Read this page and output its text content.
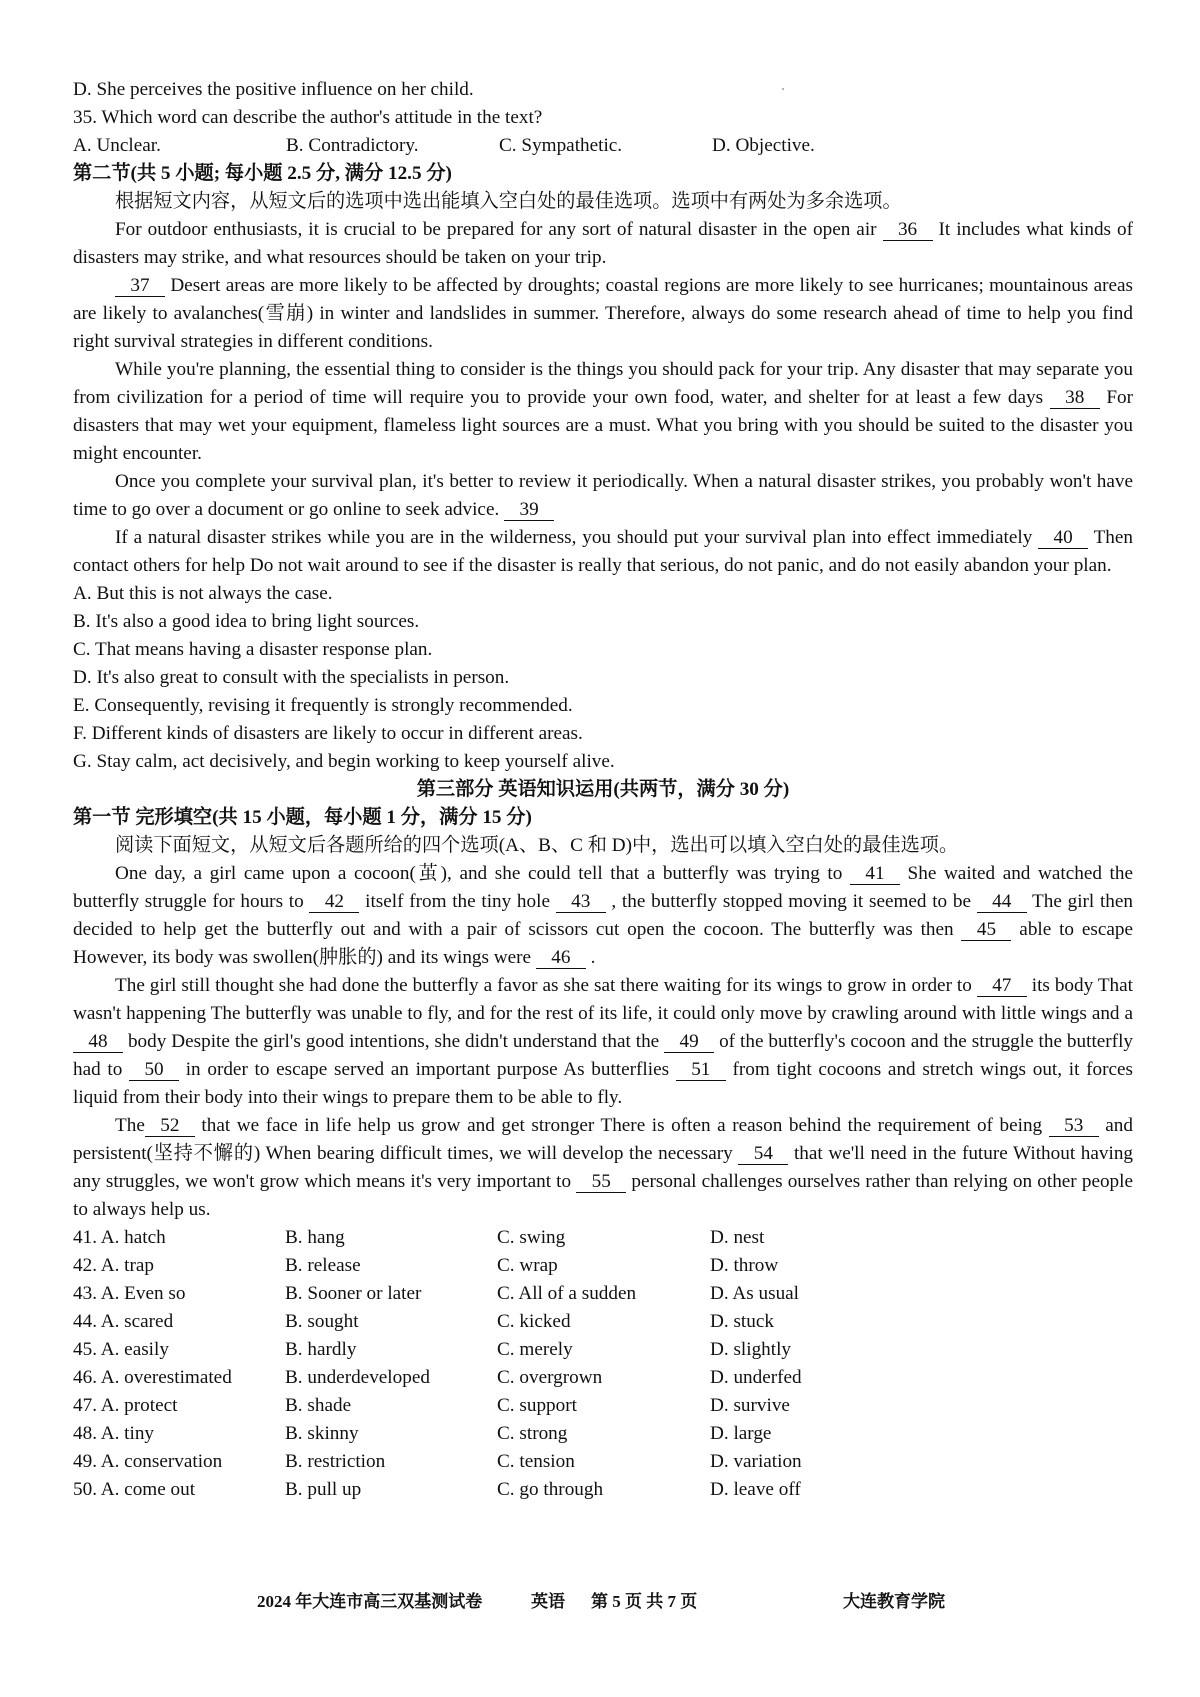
D. She perceives the positive influence on her child.

35. Which word can describe the author's attitude in the text?

A. Unclear.	B. Contradictory.	C. Sympathetic.	D. Objective.

第二节(共 5 小题; 每小题 2.5 分, 满分 12.5 分)

根据短文内容，从短文后的选项中选出能填入空白处的最佳选项。选项中有两处为多余选项。

For outdoor enthusiasts, it is crucial to be prepared for any sort of natural disaster in the open air 36 It includes what kinds of disasters may strike, and what resources should be taken on your trip.

37 Desert areas are more likely to be affected by droughts; coastal regions are more likely to see hurricanes; mountainous areas are likely to avalanches(雪崩) in winter and landslides in summer. Therefore, always do some research ahead of time to help you find right survival strategies in different conditions.

While you're planning, the essential thing to consider is the things you should pack for your trip. Any disaster that may separate you from civilization for a period of time will require you to provide your own food, water, and shelter for at least a few days 38 For disasters that may wet your equipment, flameless light sources are a must. What you bring with you should be suited to the disaster you might encounter.

Once you complete your survival plan, it's better to review it periodically. When a natural disaster strikes, you probably won't have time to go over a document or go online to seek advice. 39

If a natural disaster strikes while you are in the wilderness, you should put your survival plan into effect immediately 40 Then contact others for help Do not wait around to see if the disaster is really that serious, do not panic, and do not easily abandon your plan.

A. But this is not always the case.

B. It's also a good idea to bring light sources.

C. That means having a disaster response plan.

D. It's also great to consult with the specialists in person.

E. Consequently, revising it frequently is strongly recommended.

F. Different kinds of disasters are likely to occur in different areas.

G. Stay calm, act decisively, and begin working to keep yourself alive.

第三部分 英语知识运用(共两节，满分 30 分)

第一节 完形填空(共 15 小题，每小题 1 分，满分 15 分)

阅读下面短文，从短文后各题所给的四个选项(A、B、C 和 D)中，选出可以填入空白处的最佳选项。

One day, a girl came upon a cocoon(茧), and she could tell that a butterfly was trying to 41 She waited and watched the butterfly struggle for hours to 42 itself from the tiny hole 43 , the butterfly stopped moving it seemed to be 44 The girl then decided to help get the butterfly out and with a pair of scissors cut open the cocoon. The butterfly was then 45 able to escape However, its body was swollen(肿胀的) and its wings were 46 .

The girl still thought she had done the butterfly a favor as she sat there waiting for its wings to grow in order to 47 its body That wasn't happening The butterfly was unable to fly, and for the rest of its life, it could only move by crawling around with little wings and a48 body Despite the girl's good intentions, she didn't understand that the 49 of the butterfly's cocoon and the struggle the butterfly had to 50 in order to escape served an important purpose As butterflies 51 from tight cocoons and stretch wings out, it forces liquid from their body into their wings to prepare them to be able to fly.

The 52 that we face in life help us grow and get stronger There is often a reason behind the requirement of being 53 and persistent(坚持不懈的) When bearing difficult times, we will develop the necessary 54 that we'll need in the future Without having any struggles, we won't grow which means it's very important to 55 personal challenges ourselves rather than relying on other people to always help us.

41. A. hatch	B. hang	C. swing	D. nest
42. A. trap	B. release	C. wrap	D. throw
43. A. Even so	B. Sooner or later	C. All of a sudden	D. As usual
44. A. scared	B. sought	C. kicked	D. stuck
45. A. easily	B. hardly	C. merely	D. slightly
46. A. overestimated	B. underdeveloped	C. overgrown	D. underfed
47. A. protect	B. shade	C. support	D. survive
48. A. tiny	B. skinny	C. strong	D. large
49. A. conservation	B. restriction	C. tension	D. variation
50. A. come out	B. pull up	C. go through	D. leave off
2024 年大连市高三双基测试卷	英语 第 5 页 共 7 页	大连教育学院
